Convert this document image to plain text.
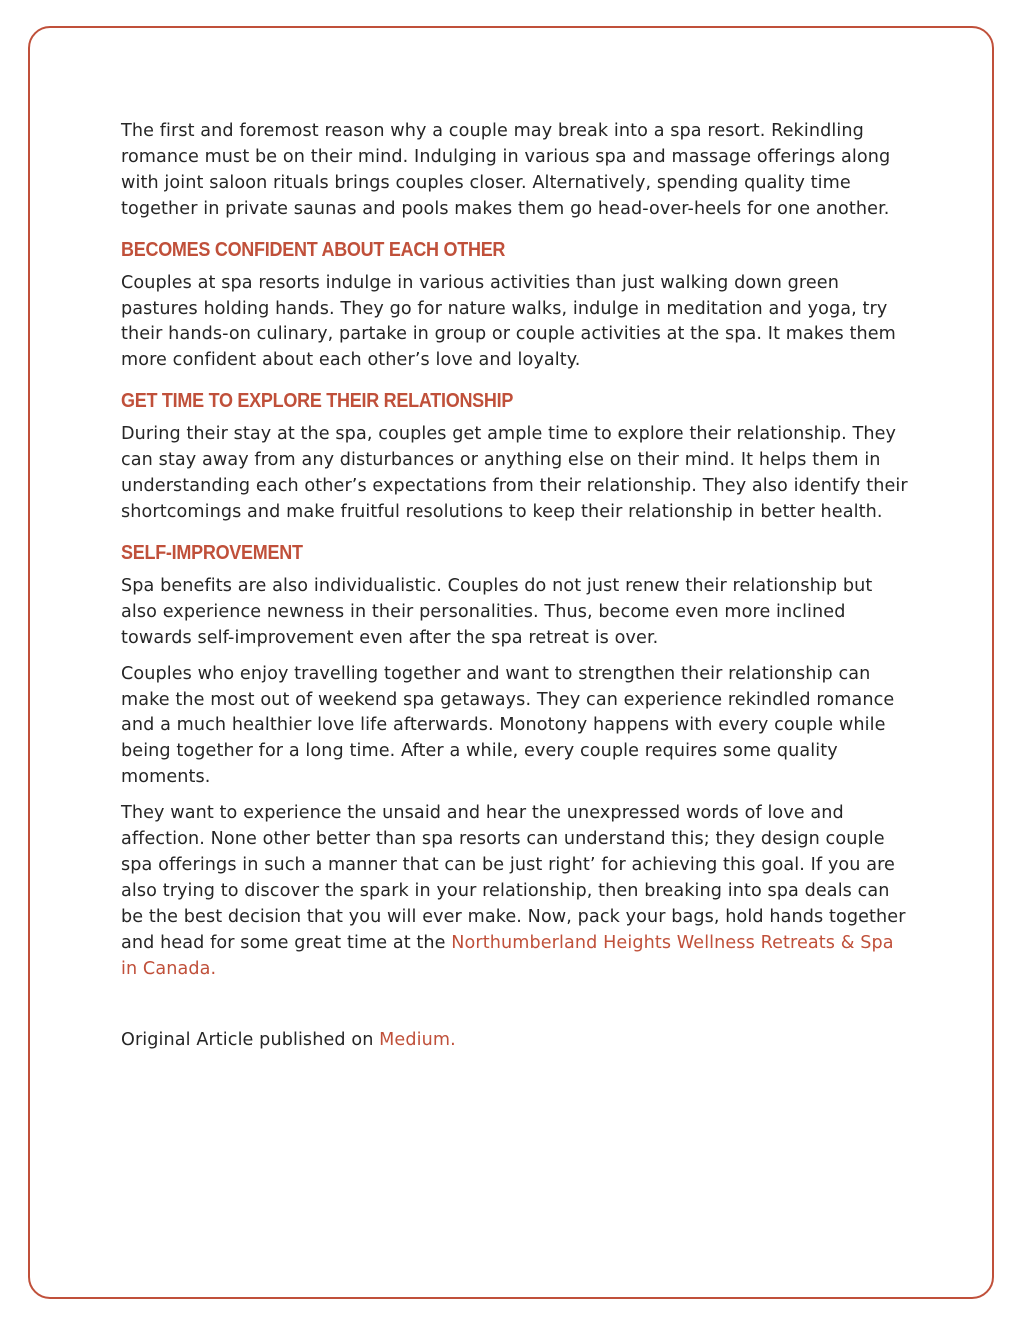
The first and foremost reason why a couple may break into a spa resort. Rekindling romance must be on their mind. Indulging in various spa and massage offerings along with joint saloon rituals brings couples closer. Alternatively, spending quality time together in private saunas and pools makes them go head-over-heels for one another.

BECOMES CONFIDENT ABOUT EACH OTHER

Couples at spa resorts indulge in various activities than just walking down green pastures holding hands. They go for nature walks, indulge in meditation and yoga, try their hands-on culinary, partake in group or couple activities at the spa. It makes them more confident about each other’s love and loyalty.

GET TIME TO EXPLORE THEIR RELATIONSHIP

During their stay at the spa, couples get ample time to explore their relationship. They can stay away from any disturbances or anything else on their mind. It helps them in understanding each other’s expectations from their relationship. They also identify their shortcomings and make fruitful resolutions to keep their relationship in better health.

SELF-IMPROVEMENT

Spa benefits are also individualistic. Couples do not just renew their relationship but also experience newness in their personalities. Thus, become even more inclined towards self-improvement even after the spa retreat is over.

Couples who enjoy travelling together and want to strengthen their relationship can make the most out of weekend spa getaways. They can experience rekindled romance and a much healthier love life afterwards. Monotony happens with every couple while being together for a long time. After a while, every couple requires some quality moments.

They want to experience the unsaid and hear the unexpressed words of love and affection. None other better than spa resorts can understand this; they design couple spa offerings in such a manner that can be just right’ for achieving this goal. If you are also trying to discover the spark in your relationship, then breaking into spa deals can be the best decision that you will ever make. Now, pack your bags, hold hands together and head for some great time at the Northumberland Heights Wellness Retreats & Spa in Canada.

Original Article published on Medium.
